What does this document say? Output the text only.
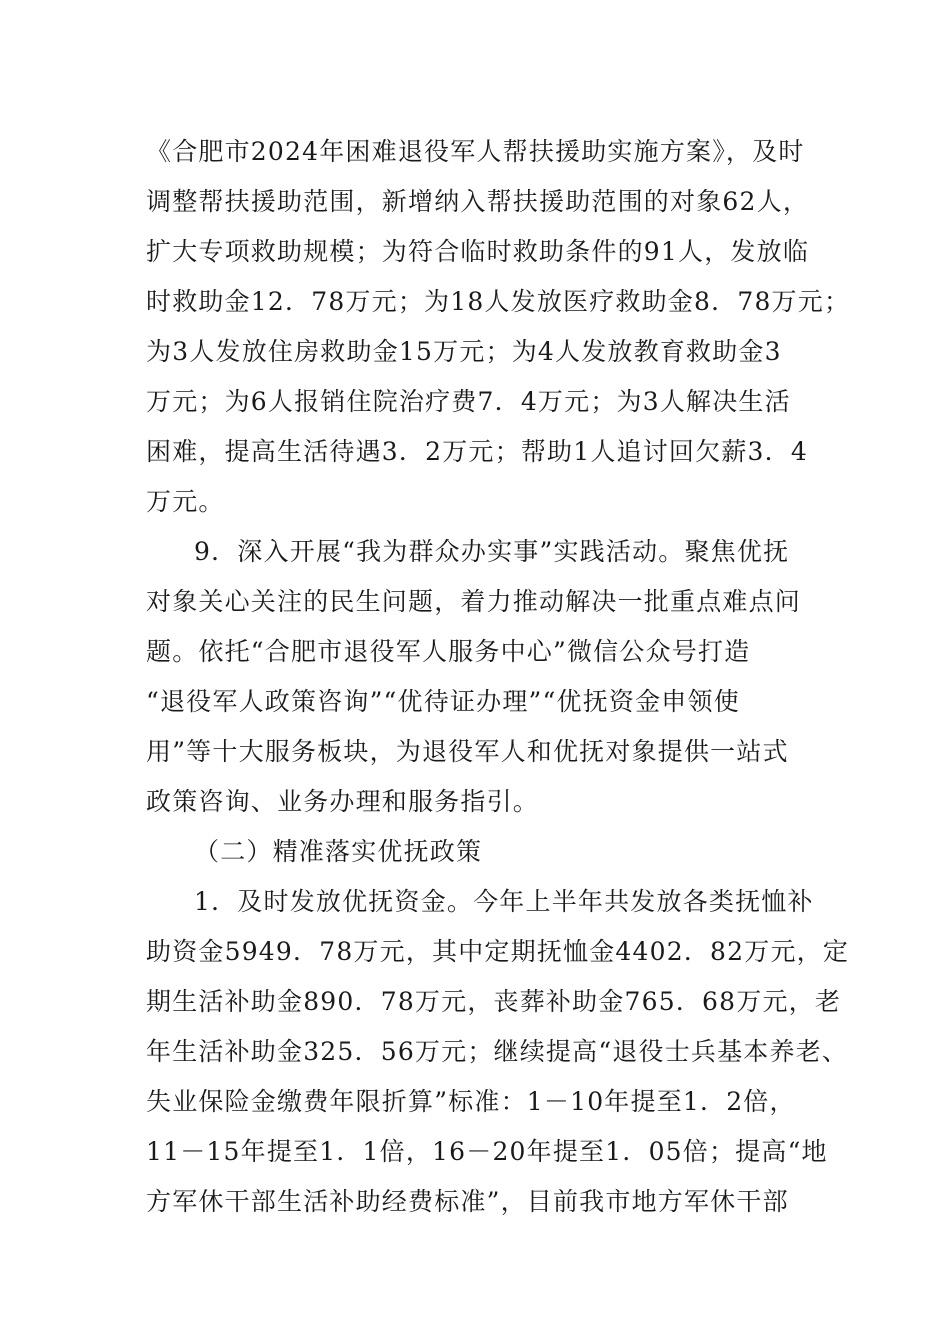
《合肥市2024年困难退役军人帮扶援助实施方案》，及时
调整帮扶援助范围，新增纳入帮扶援助范围的对象62人，
扩大专项救助规模；为符合临时救助条件的91人，发放临
时救助金12．78万元；为18人发放医疗救助金8．78万元；
为3人发放住房救助金15万元；为4人发放教育救助金3
万元；为6人报销住院治疗费7．4万元；为3人解决生活
困难，提高生活待遇3．2万元；帮助1人追讨回欠薪3．4
万元。
9．深入开展“我为群众办实事”实践活动。聚焦优抚
对象关心关注的民生问题，着力推动解决一批重点难点问
题。依托“合肥市退役军人服务中心”微信公众号打造
“退役军人政策咨询”“优待证办理”“优抚资金申领使
用”等十大服务板块，为退役军人和优抚对象提供一站式
政策咨询、业务办理和服务指引。
（二）精准落实优抚政策
1．及时发放优抚资金。今年上半年共发放各类抚恤补
助资金5949．78万元，其中定期抚恤金4402．82万元，定
期生活补助金890．78万元，丧葬补助金765．68万元，老
年生活补助金325．56万元；继续提高“退役士兵基本养老、
失业保险金缴费年限折算”标准：1－10年提至1．2倍，
11－15年提至1．1倍，16－20年提至1．05倍；提高“地
方军休干部生活补助经费标准”，目前我市地方军休干部
